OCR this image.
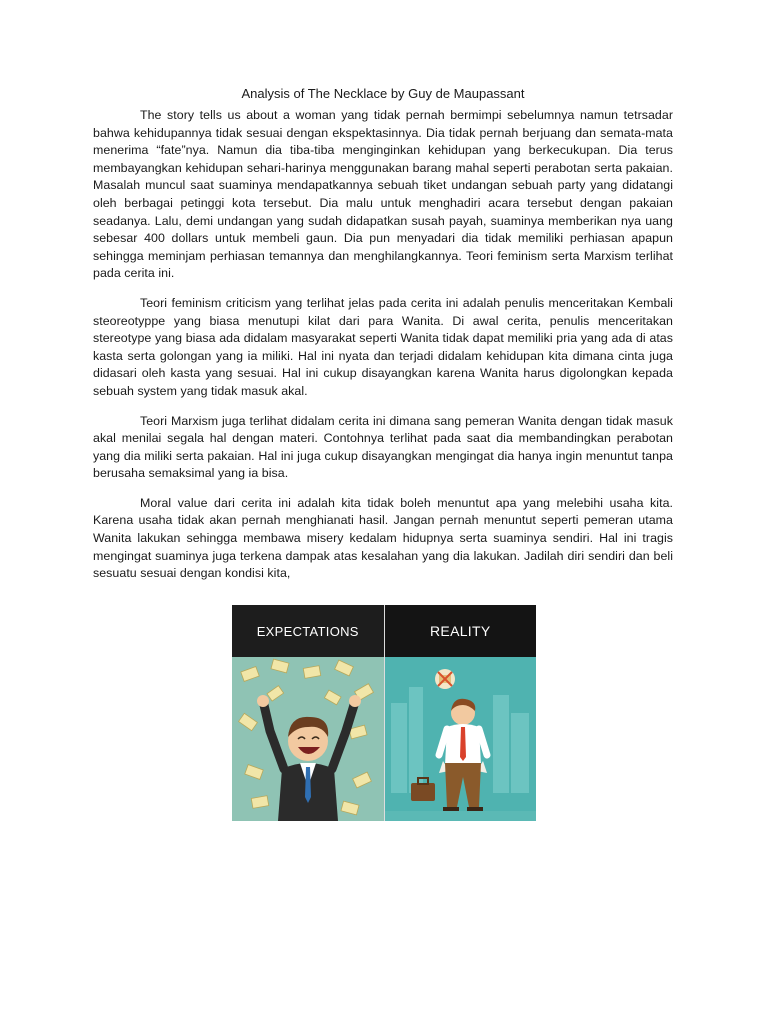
Analysis of The Necklace by Guy de Maupassant

The story tells us about a woman yang tidak pernah bermimpi sebelumnya namun tetrsadar bahwa kehidupannya tidak sesuai dengan ekspektasinnya. Dia tidak pernah berjuang dan semata-mata menerima “fate”nya. Namun dia tiba-tiba menginginkan kehidupan yang berkecukupan. Dia terus membayangkan kehidupan sehari-harinya menggunakan barang mahal seperti perabotan serta pakaian. Masalah muncul saat suaminya mendapatkannya sebuah tiket undangan sebuah party yang didatangi oleh berbagai petinggi kota tersebut. Dia malu untuk menghadiri acara tersebut dengan pakaian seadanya. Lalu, demi undangan yang sudah didapatkan susah payah, suaminya memberikan nya uang sebesar 400 dollars untuk membeli gaun. Dia pun menyadari dia tidak memiliki perhiasan apapun sehingga meminjam perhiasan temannya dan menghilangkannya. Teori feminism serta Marxism terlihat pada cerita ini.

Teori feminism criticism yang terlihat jelas pada cerita ini adalah penulis menceritakan Kembali steoreotyppe yang biasa menutupi kilat dari para Wanita. Di awal cerita, penulis menceritakan stereotype yang biasa ada didalam masyarakat seperti Wanita tidak dapat memiliki pria yang ada di atas kasta serta golongan yang ia miliki. Hal ini nyata dan terjadi didalam kehidupan kita dimana cinta juga didasari oleh kasta yang sesuai. Hal ini cukup disayangkan karena Wanita harus digolongkan kepada sebuah system yang tidak masuk akal.

Teori Marxism juga terlihat didalam cerita ini dimana sang pemeran Wanita dengan tidak masuk akal menilai segala hal dengan materi. Contohnya terlihat pada saat dia membandingkan perabotan yang dia miliki serta pakaian. Hal ini juga cukup disayangkan mengingat dia hanya ingin menuntut tanpa berusaha semaksimal yang ia bisa.

Moral value dari cerita ini adalah kita tidak boleh menuntut apa yang melebihi usaha kita. Karena usaha tidak akan pernah menghianati hasil. Jangan pernah menuntut seperti pemeran utama Wanita lakukan sehingga membawa misery kedalam hidupnya serta suaminya sendiri. Hal ini tragis mengingat suaminya juga terkena dampak atas kesalahan yang dia lakukan. Jadilah diri sendiri dan beli sesuatu sesuai dengan kondisi kita,

EXPECTATIONS	REALITY
